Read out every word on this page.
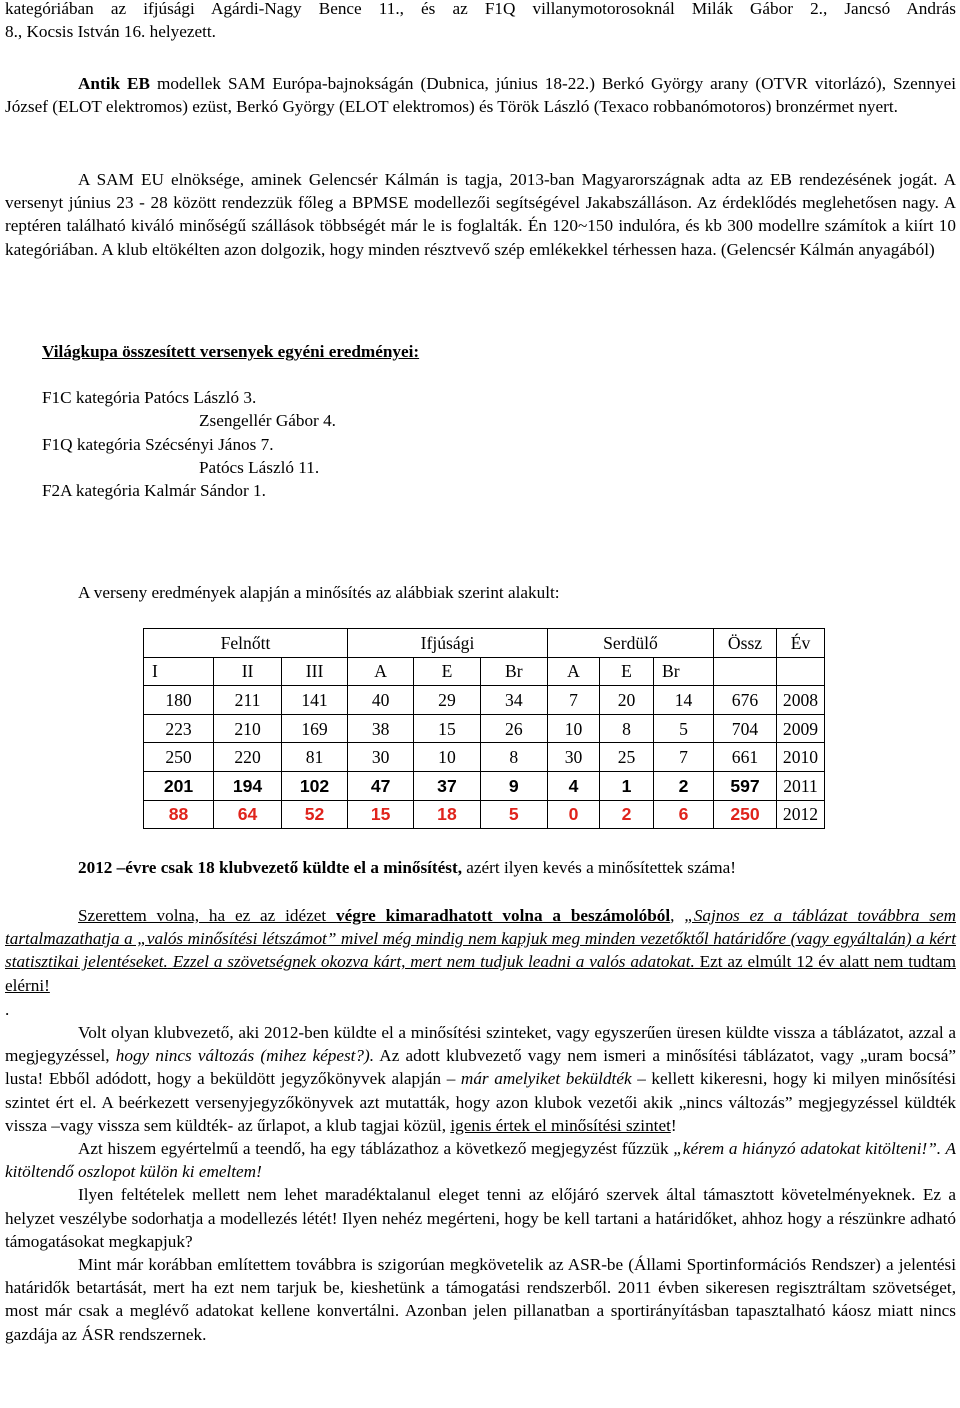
kategóriában az ifjúsági Agárdi-Nagy Bence 11., és az F1Q villanymotorosoknál Milák Gábor 2., Jancsó András

8., Kocsis István 16. helyezett.

Antik EB modellek SAM Európa-bajnokságán (Dubnica, június 18-22.) Berkó György arany (OTVR vitorlázó), Szennyei József (ELOT elektromos) ezüst, Berkó György (ELOT elektromos) és Török László (Texaco robbanómotoros) bronzérmet nyert.

A SAM EU elnöksége, aminek Gelencsér Kálmán is tagja, 2013-ban Magyarországnak adta az EB rendezésének jogát. A versenyt június 23 - 28 között rendezzük főleg a BPMSE modellezői segítségével Jakabszálláson. Az érdeklődés meglehetősen nagy. A reptéren található kiváló minőségű szállások többségét már le is foglalták. Én 120~150 indulóra, és kb 300 modellre számítok a kiírt 10 kategóriában. A klub eltökélten azon dolgozik, hogy minden résztvevő szép emlékekkel térhessen haza. (Gelencsér Kálmán anyagából)

Világkupa összesített versenyek egyéni eredményei:
F1C kategória Patócs László 3.
Zsengellér Gábor 4.
F1Q kategória Szécsényi János 7.
Patócs László 11.
F2A kategória Kalmár Sándor 1.
A verseny eredmények alapján a minősítés az alábbiak szerint alakult:
Felnőtt			Ifjúsági			Serdülő			Össz	Év
I	II	III	A	E	Br	A	E	Br		
180	211	141	40	29	34	7	20	14	676	2008
223	210	169	38	15	26	10	8	5	704	2009
250	220	81	30	10	8	30	25	7	661	2010
201	194	102	47	37	9	4	1	2	597	2011
88	64	52	15	18	5	0	2	6	250	2012
2012 –évre csak 18 klubvezető küldte el a minősítést, azért ilyen kevés a minősítettek száma!

Szerettem volna, ha ez az idézet végre kimaradhatott volna a beszámolóból, „Sajnos ez a táblázat továbbra sem tartalmazathatja a „valós minősítési létszámot” mivel még mindig nem kapjuk meg minden vezetőktől határidőre (vagy egyáltalán) a kért statisztikai jelentéseket. Ezzel a szövetségnek okozva kárt, mert nem tudjuk leadni a valós adatokat. Ezt az elmúlt 12 év alatt nem tudtam elérni!

.

Volt olyan klubvezető, aki 2012-ben küldte el a minősítési szinteket, vagy egyszerűen üresen küldte vissza a táblázatot, azzal a megjegyzéssel, hogy nincs változás (mihez képest?). Az adott klubvezető vagy nem ismeri a minősítési táblázatot, vagy „uram bocsá” lusta! Ebből adódott, hogy a beküldött jegyzőkönyvek alapján – már amelyiket beküldték – kellett kikeresni, hogy ki milyen minősítési szintet ért el. A beérkezett versenyjegyzőkönyvek azt mutatták, hogy azon klubok vezetői akik „nincs változás” megjegyzéssel küldték vissza –vagy vissza sem küldték- az űrlapot, a klub tagjai közül, igenis értek el minősítési szintet!

Azt hiszem egyértelmű a teendő, ha egy táblázathoz a következő megjegyzést fűzzük „kérem a hiányzó adatokat kitölteni!”. A kitöltendő oszlopot külön ki emeltem!

Ilyen feltételek mellett nem lehet maradéktalanul eleget tenni az előjáró szervek által támasztott követelményeknek. Ez a helyzet veszélybe sodorhatja a modellezés létét! Ilyen nehéz megérteni, hogy be kell tartani a határidőket, ahhoz hogy a részünkre adható támogatásokat megkapjuk?

Mint már korábban említettem továbbra is szigorúan megkövetelik az ASR-be (Állami Sportinformációs Rendszer) a jelentési határidők betartását, mert ha ezt nem tarjuk be, kieshetünk a támogatási rendszerből. 2011 évben sikeresen regisztráltam szövetséget, most már csak a meglévő adatokat kellene konvertálni. Azonban jelen pillanatban a sportirányításban tapasztalható káosz miatt nincs gazdája az ÁSR rendszernek.
